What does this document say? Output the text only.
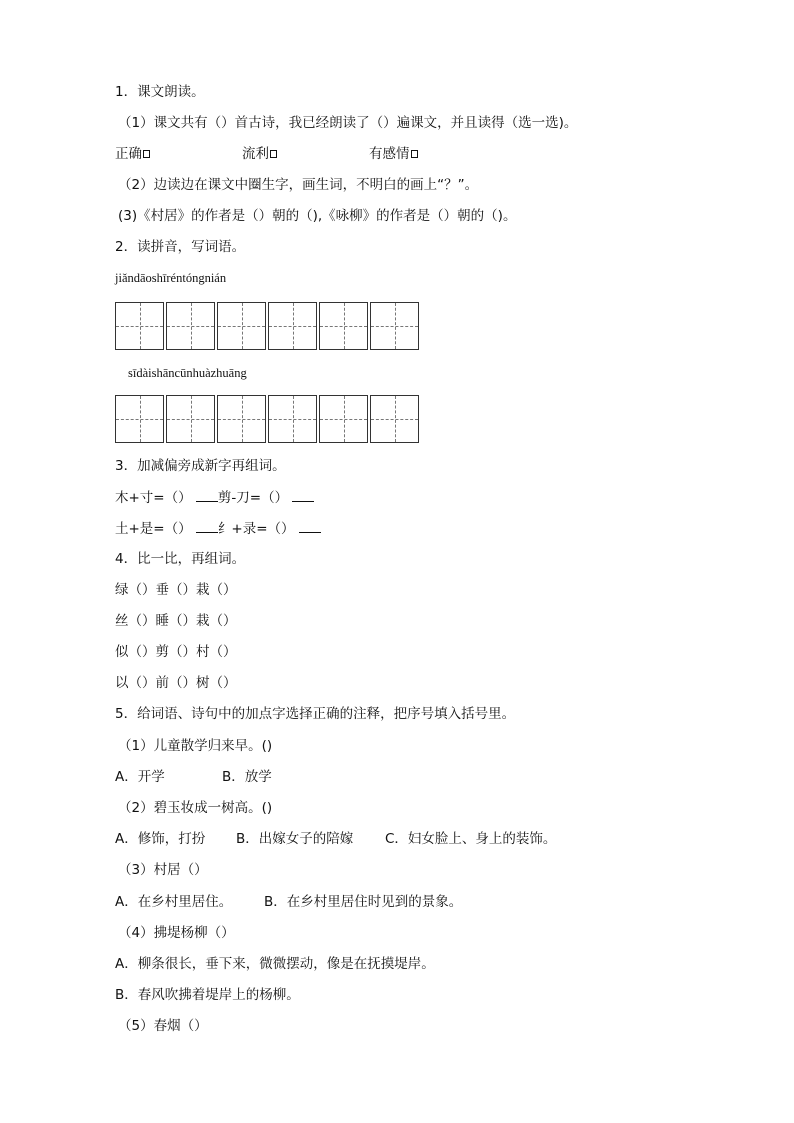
1．课文朗读。
（1）课文共有（）首古诗，我已经朗读了（）遍课文，并且读得（选一选)。
正确	流利	有感情
（2）边读边在课文中圈生字，画生词，不明白的画上“？”。
(3)《村居》的作者是（）朝的（),《咏柳》的作者是（）朝的（)。
2．读拼音，写词语。
jiǎndāoshīréntóngnián
sīdàishāncūnhuàzhuāng
3．加减偏旁成新字再组词。
木+寸=（） 剪-刀=（）
土+是=（） 纟+录=（）
4．比一比，再组词。
绿（）垂（）栽（）
丝（）睡（）栽（）
似（）剪（）村（）
以（）前（）树（）
5．给词语、诗句中的加点字选择正确的注释，把序号填入括号里。
（1）儿童散学归来早。()
A．开学	B．放学
（2）碧玉妆成一树高。()
A．修饰，打扮 B．出嫁女子的陪嫁 C．妇女脸上、身上的装饰。
（3）村居（）
A．在乡村里居住。 B．在乡村里居住时见到的景象。
（4）拂堤杨柳（）
A．柳条很长，垂下来，微微摆动，像是在抚摸堤岸。
B．春风吹拂着堤岸上的杨柳。
（5）春烟（）
